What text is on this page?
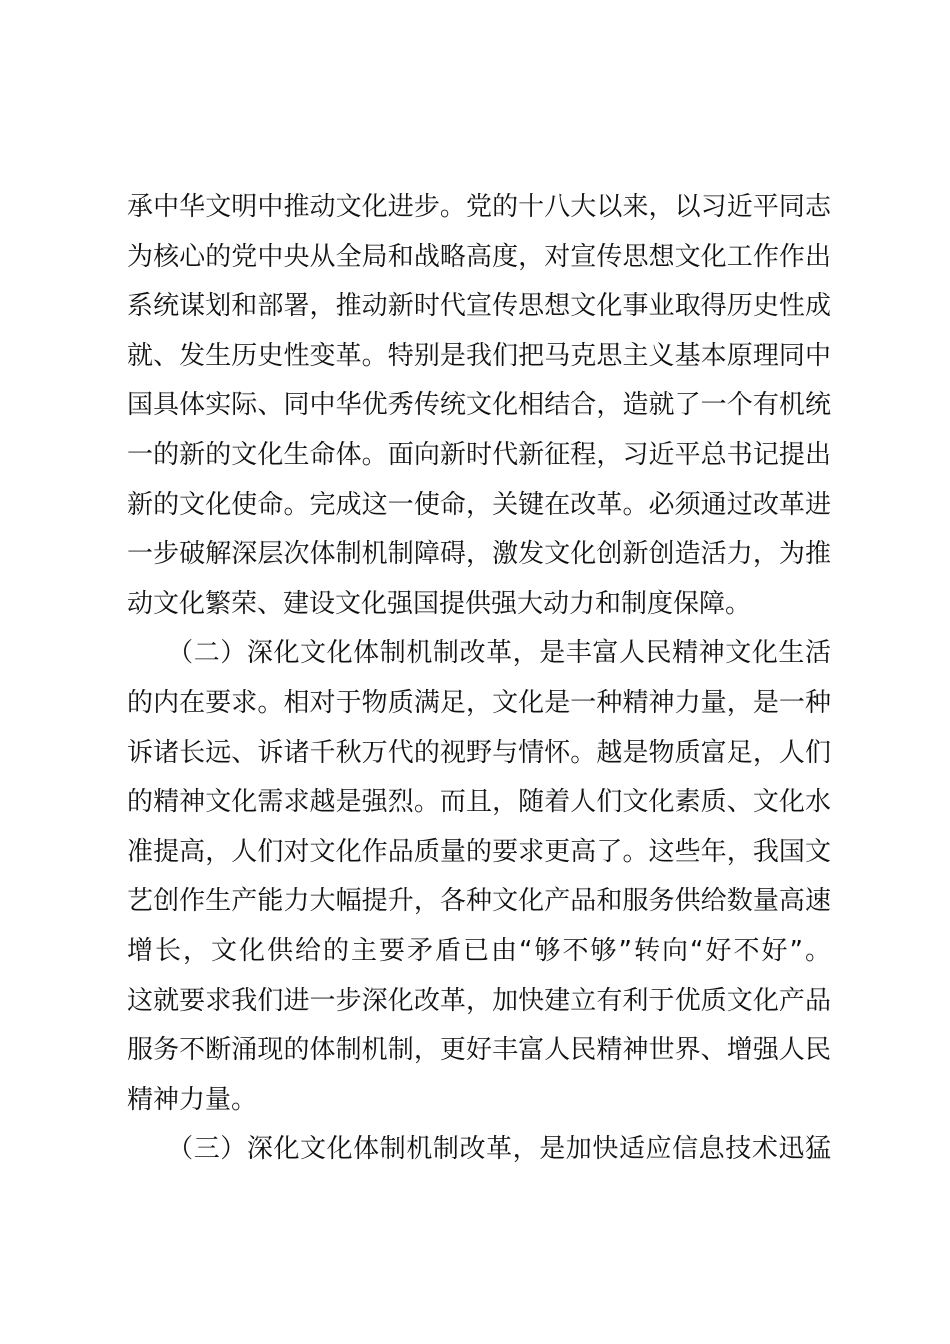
承中华文明中推动文化进步。党的十八大以来，以习近平同志
为核心的党中央从全局和战略高度，对宣传思想文化工作作出
系统谋划和部署，推动新时代宣传思想文化事业取得历史性成
就、发生历史性变革。特别是我们把马克思主义基本原理同中
国具体实际、同中华优秀传统文化相结合，造就了一个有机统
一的新的文化生命体。面向新时代新征程，习近平总书记提出
新的文化使命。完成这一使命，关键在改革。必须通过改革进
一步破解深层次体制机制障碍，激发文化创新创造活力，为推
动文化繁荣、建设文化强国提供强大动力和制度保障。
　　（二）深化文化体制机制改革，是丰富人民精神文化生活
的内在要求。相对于物质满足，文化是一种精神力量，是一种
诉诸长远、诉诸千秋万代的视野与情怀。越是物质富足，人们
的精神文化需求越是强烈。而且，随着人们文化素质、文化水
准提高，人们对文化作品质量的要求更高了。这些年，我国文
艺创作生产能力大幅提升，各种文化产品和服务供给数量高速
增长，文化供给的主要矛盾已由“够不够”转向“好不好”。
这就要求我们进一步深化改革，加快建立有利于优质文化产品
服务不断涌现的体制机制，更好丰富人民精神世界、增强人民
精神力量。
　　（三）深化文化体制机制改革，是加快适应信息技术迅猛
